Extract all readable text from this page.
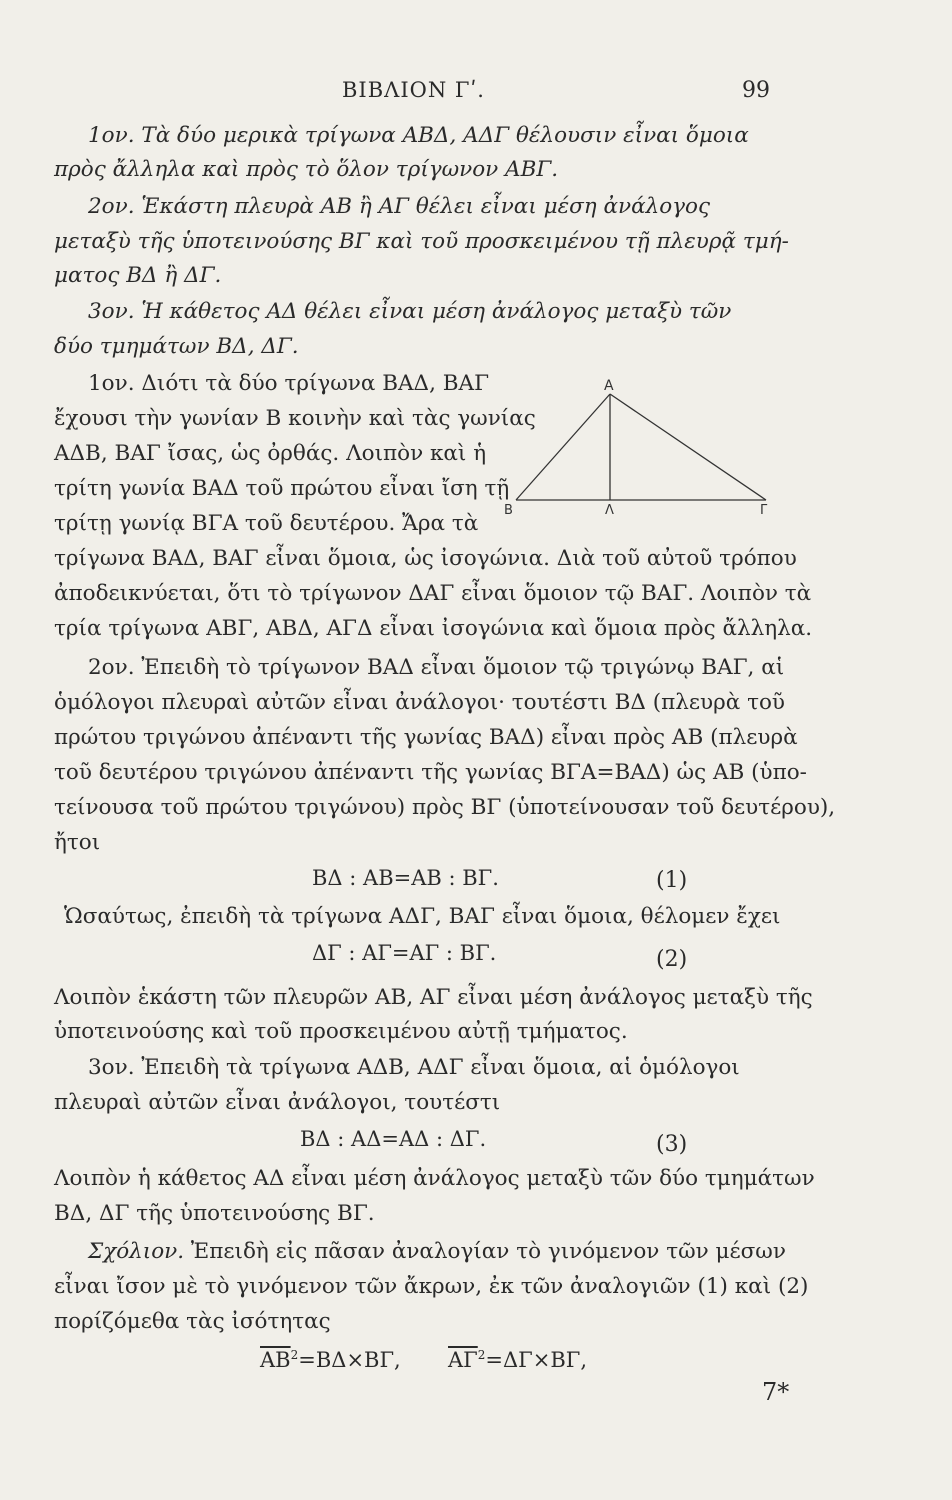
ΒΙΒΛΙΟΝ Γʹ.	99
1ον. Τὰ δύο μερικὰ τρίγωνα ΑΒΔ, ΑΔΓ θέλουσιν εἶναι ὅμοια
πρὸς ἄλληλα καὶ πρὸς τὸ ὅλον τρίγωνον ΑΒΓ.
2ον. Ἑκάστη πλευρὰ ΑΒ ἢ ΑΓ θέλει εἶναι μέση ἀνάλογος
μεταξὺ τῆς ὑποτεινούσης ΒΓ καὶ τοῦ προσκειμένου τῇ πλευρᾷ τμή-
ματος ΒΔ ἢ ΔΓ.
3ον. Ἡ κάθετος ΑΔ θέλει εἶναι μέση ἀνάλογος μεταξὺ τῶν
δύο τμημάτων ΒΔ, ΔΓ.
1ον. Διότι τὰ δύο τρίγωνα ΒΑΔ, ΒΑΓ
ἔχουσι τὴν γωνίαν Β κοινὴν καὶ τὰς γωνίας
ΑΔΒ, ΒΑΓ ἴσας, ὡς ὀρθάς. Λοιπὸν καὶ ἡ
τρίτη γωνία ΒΑΔ τοῦ πρώτου εἶναι ἴση τῇ
τρίτῃ γωνίᾳ ΒΓΑ τοῦ δευτέρου. Ἄρα τὰ
τρίγωνα ΒΑΔ, ΒΑΓ εἶναι ὅμοια, ὡς ἰσογώνια. Διὰ τοῦ αὐτοῦ τρόπου
ἀποδεικνύεται, ὅτι τὸ τρίγωνον ΔΑΓ εἶναι ὅμοιον τῷ ΒΑΓ. Λοιπὸν τὰ
τρία τρίγωνα ΑΒΓ, ΑΒΔ, ΑΓΔ εἶναι ἰσογώνια καὶ ὅμοια πρὸς ἄλληλα.
Α
Β	Λ	Γ
2ον. Ἐπειδὴ τὸ τρίγωνον ΒΑΔ εἶναι ὅμοιον τῷ τριγώνῳ ΒΑΓ, αἱ
ὁμόλογοι πλευραὶ αὐτῶν εἶναι ἀνάλογοι· τουτέστι ΒΔ (πλευρὰ τοῦ
πρώτου τριγώνου ἀπέναντι τῆς γωνίας ΒΑΔ) εἶναι πρὸς ΑΒ (πλευρὰ
τοῦ δευτέρου τριγώνου ἀπέναντι τῆς γωνίας ΒΓΑ=ΒΑΔ) ὡς ΑΒ (ὑπο-
τείνουσα τοῦ πρώτου τριγώνου) πρὸς ΒΓ (ὑποτείνουσαν τοῦ δευτέρου),
ἤτοι
ΒΔ : ΑΒ=ΑΒ : ΒΓ.	(1)
Ὡσαύτως, ἐπειδὴ τὰ τρίγωνα ΑΔΓ, ΒΑΓ εἶναι ὅμοια, θέλομεν ἔχει
ΔΓ : ΑΓ=ΑΓ : ΒΓ.	(2)
Λοιπὸν ἑκάστη τῶν πλευρῶν ΑΒ, ΑΓ εἶναι μέση ἀνάλογος μεταξὺ τῆς
ὑποτεινούσης καὶ τοῦ προσκειμένου αὐτῇ τμήματος.
3ον. Ἐπειδὴ τὰ τρίγωνα ΑΔΒ, ΑΔΓ εἶναι ὅμοια, αἱ ὁμόλογοι
πλευραὶ αὐτῶν εἶναι ἀνάλογοι, τουτέστι
ΒΔ : ΑΔ=ΑΔ : ΔΓ.	(3)
Λοιπὸν ἡ κάθετος ΑΔ εἶναι μέση ἀνάλογος μεταξὺ τῶν δύο τμημάτων
ΒΔ, ΔΓ τῆς ὑποτεινούσης ΒΓ.
Σχόλιον. Ἐπειδὴ εἰς πᾶσαν ἀναλογίαν τὸ γινόμενον τῶν μέσων
εἶναι ἴσον μὲ τὸ γινόμενον τῶν ἄκρων, ἐκ τῶν ἀναλογιῶν (1) καὶ (2)
πορίζόμεθα τὰς ἰσότητας
$\overline{AB}^2=B\Delta\times B\Gamma$, $\overline{A\Gamma}^2=\Delta\Gamma\times B\Gamma$,
7*
